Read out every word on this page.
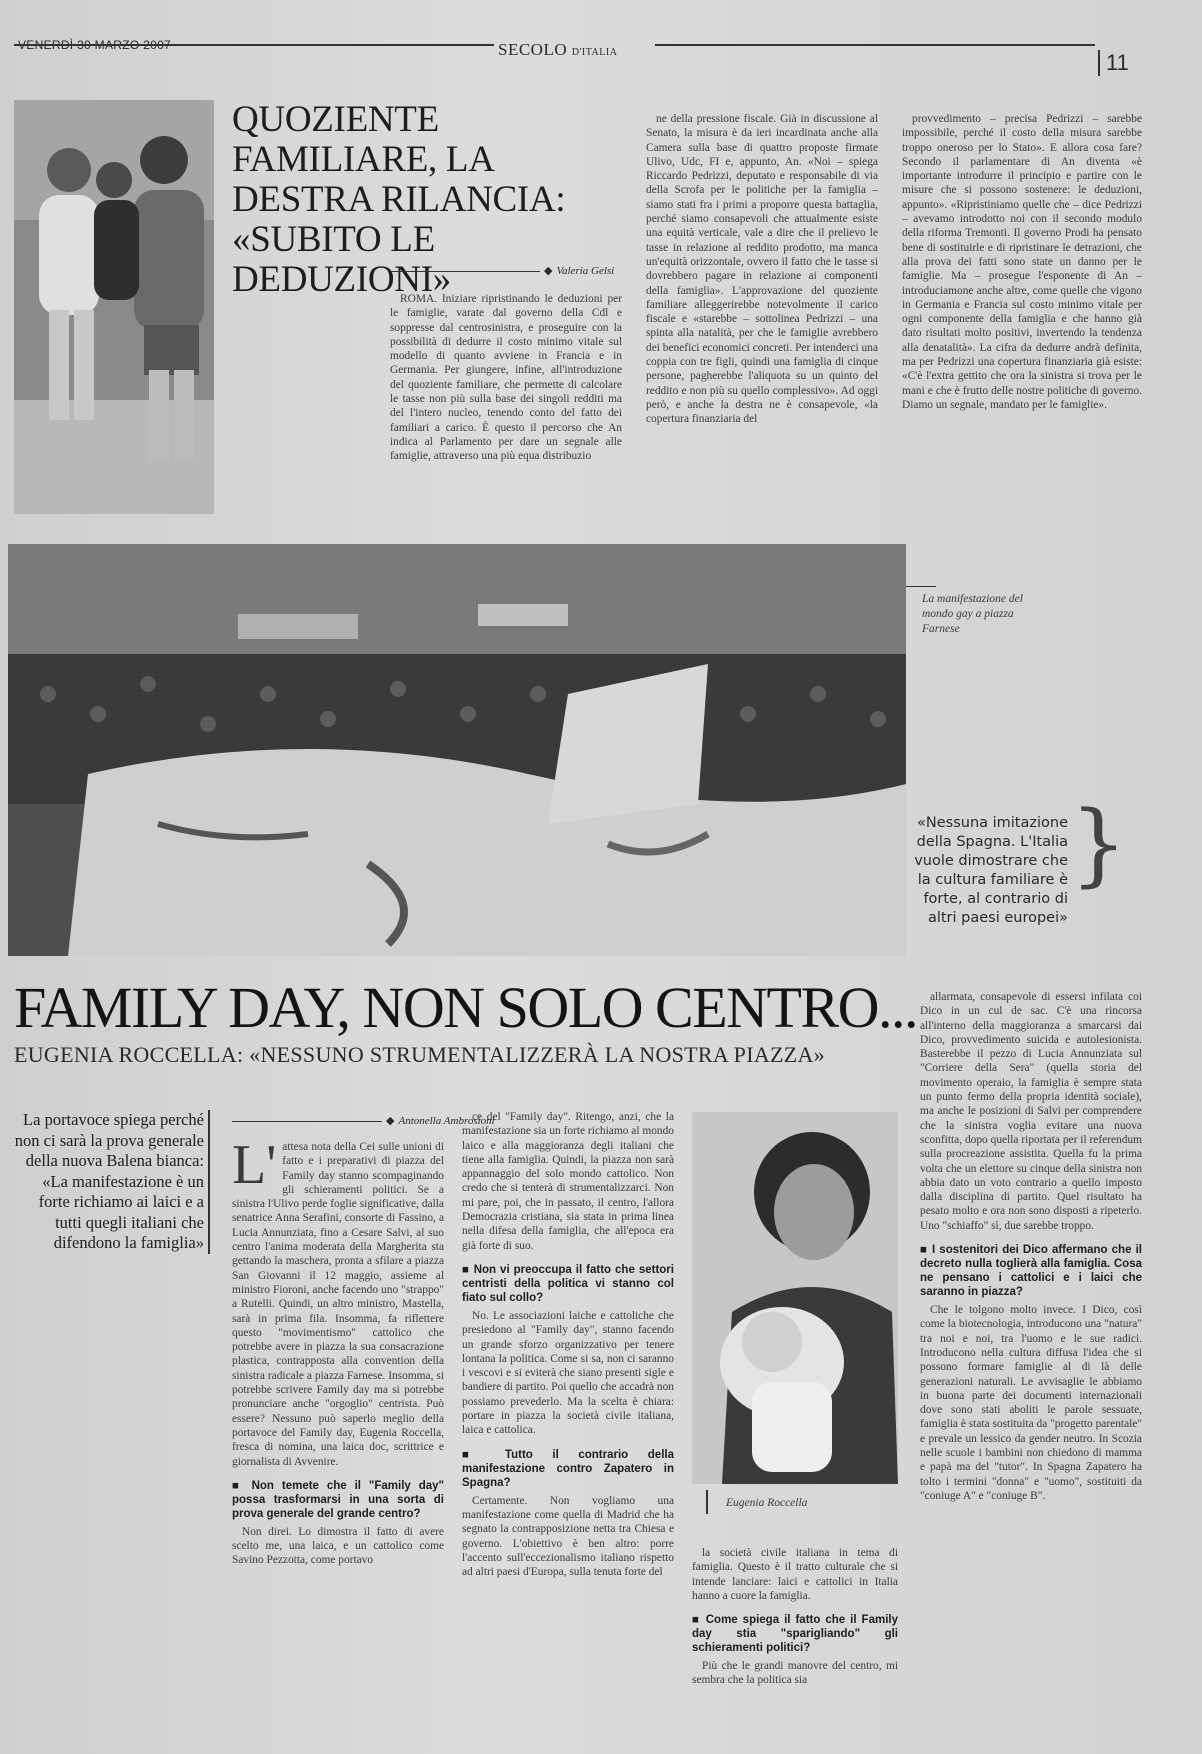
SECOLO D'ITALIA	11
QUOZIENTE FAMILIARE, LA DESTRA RILANCIA: «SUBITO LE DEDUZIONI»	◆ Valeria Gelsi

ROMA. Iniziare ripristinando le deduzioni per le famiglie, varate dal governo della Cdl e soppresse dal centrosinistra, e proseguire con la possibilità di dedurre il costo minimo vitale sul modello di quanto avviene in Francia e in Germania. Per giungere, infine, all'introduzione del quoziente familiare, che permette di calcolare le tasse non più sulla base dei singoli redditi ma del l'intero nucleo, tenendo conto del fatto dei familiari a carico. È questo il percorso che An indica al Parlamento per dare un segnale alle famiglie, attraverso una più equa distribuzio

ne della pressione fiscale. Già in discussione al Senato, la misura è da ieri incardinata anche alla Camera sulla base di quattro proposte firmate Ulivo, Udc, FI e, appunto, An. «Noi – spiega Riccardo Pedrizzi, deputato e responsabile di via della Scrofa per le politiche per la famiglia – siamo stati fra i primi a proporre questa battaglia, perché siamo consapevoli che attualmente esiste una equità verticale, vale a dire che il prelievo le tasse in relazione al reddito prodotto, ma manca un'equità orizzontale, ovvero il fatto che le tasse si dovrebbero pagare in relazione ai componenti della famiglia». L'approvazione del quoziente familiare alleggerirebbe notevolmente il carico fiscale e «starebbe – sottolinea Pedrizzi – una spinta alla natalità, per che le famiglie avrebbero dei benefici economici concreti. Per intenderci una coppia con tre figli, quindi una famiglia di cinque persone, pagherebbe l'aliquota su un quinto del reddito e non più su quello complessivo». Ad oggi però, e anche la destra ne è consapevole, «la copertura finanziaria del

provvedimento – precisa Pedrizzi – sarebbe impossibile, perché il costo della misura sarebbe troppo oneroso per lo Stato». E allora cosa fare? Secondo il parlamentare di An diventa «è importante introdurre il principio e partire con le misure che si possono sostenere: le deduzioni, appunto». «Ripristiniamo quelle che – dice Pedrizzi – avevamo introdotto noi con il secondo modulo della riforma Tremonti. Il governo Prodi ha pensato bene di sostituirle e di ripristinare le detrazioni, che alla prova dei fatti sono state un danno per le famiglie. Ma – prosegue l'esponente di An – introduciamone anche altre, come quelle che vigono in Germania e Francia sul costo minimo vitale per ogni componente della famiglia e che hanno già dato risultati molto positivi, invertendo la tendenza alla denatalità». La cifra da dedurre andrà definita, ma per Pedrizzi una copertura finanziaria già esiste: «C'è l'extra gettito che ora la sinistra si trova per le mani e che è frutto delle nostre politiche di governo. Diamo un segnale, mandato per le famiglie».

La manifestazione del mondo gay a piazza Farnese
«Nessuna imitazione della Spagna. L'Italia vuole dimostrare che la cultura familiare è forte, al contrario di altri paesi europei»
}
FAMILY DAY, NON SOLO CENTRO...
EUGENIA ROCCELLA: «NESSUNO STRUMENTALIZZERÀ LA NOSTRA PIAZZA»
La portavoce spiega perché non ci sarà la prova generale della nuova Balena bianca: «La manifestazione è un forte richiamo ai laici e a tutti quegli italiani che difendono la famiglia»
◆ Antonella Ambrosioni
L' attesa nota della Cei sulle unioni di fatto e i preparativi di piazza del Family day stanno scompaginando gli schieramenti politici. Se a sinistra l'Ulivo perde foglie significative, dalla senatrice Anna Serafini, consorte di Fassino, a Lucia Annunziata, fino a Cesare Salvi, al suo centro l'anima moderata della Margherita sta gettando la maschera, pronta a sfilare a piazza San Giovanni il 12 maggio, assieme al ministro Fioroni, anche facendo uno "strappo" a Rutelli. Quindi, un altro ministro, Mastella, sarà in prima fila. Insomma, fa riflettere questo "movimentismo" cattolico che potrebbe avere in piazza la sua consacrazione plastica, contrapposta alla convention della sinistra radicale a piazza Farnese. Insomma, si potrebbe scrivere Family day ma si potrebbe pronunciare anche "orgoglio" centrista. Può essere? Nessuno può saperlo meglio della portavoce del Family day, Eugenia Roccella, fresca di nomina, una laica doc, scrittrice e giornalista di Avvenire.
■ Non temete che il "Family day" possa trasformarsi in una sorta di prova generale del grande centro?

Non direi. Lo dimostra il fatto di avere scelto me, una laica, e un cattolico come Savino Pezzotta, come portavo

ce del "Family day". Ritengo, anzi, che la manifestazione sia un forte richiamo al mondo laico e alla maggioranza degli italiani che tiene alla famiglia. Quindi, la piazza non sarà appannaggio del solo mondo cattolico. Non credo che si tenterà di strumentalizzarci. Non mi pare, poi, che in passato, il centro, l'allora Democrazia cristiana, sia stata in prima linea nella difesa della famiglia, che all'epoca era già forte di suo.

■ Non vi preoccupa il fatto che settori centristi della politica vi stanno col fiato sul collo?

No. Le associazioni laiche e cattoliche che presiedono al "Family day", stanno facendo un grande sforzo organizzativo per tenere lontana la politica. Come si sa, non ci saranno i vescovi e si eviterà che siano presenti sigle e bandiere di partito. Poi quello che accadrà non possiamo prevederlo. Ma la scelta è chiara: portare in piazza la società civile italiana, laica e cattolica.

■ Tutto il contrario della manifestazione contro Zapatero in Spagna?

Certamente. Non vogliamo una manifestazione come quella di Madrid che ha segnato la contrapposizione netta tra Chiesa e governo. L'obiettivo è ben altro: porre l'accento sull'eccezionalismo italiano rispetto ad altri paesi d'Europa, sulla tenuta forte del

Eugenia Roccella

la società civile italiana in tema di famiglia. Questo è il tratto culturale che si intende lanciare: laici e cattolici in Italia hanno a cuore la famiglia.

■ Come spiega il fatto che il Family day stia "sparigliando" gli schieramenti politici?

Più che le grandi manovre del centro, mi sembra che la politica sia

allarmata, consapevole di essersi infilata coi Dico in un cul de sac. C'è una rincorsa all'interno della maggioranza a smarcarsi dai Dico, provvedimento suicida e autolesionista. Basterebbe il pezzo di Lucia Annunziata sul "Corriere della Sera" (quella storia del movimento operaio, la famiglia è sempre stata un punto fermo della propria identità sociale), ma anche le posizioni di Salvi per comprendere che la sinistra voglia evitare una nuova sconfitta, dopo quella riportata per il referendum sulla procreazione assistita. Quella fu la prima volta che un elettore su cinque della sinistra non abbia dato un voto contrario a quello imposto dalla disciplina di partito. Quel risultato ha pesato molto e ora non sono disposti a ripeterlo. Uno "schiaffo" sì, due sarebbe troppo.

■ I sostenitori dei Dico affermano che il decreto nulla toglierà alla famiglia. Cosa ne pensano i cattolici e i laici che saranno in piazza?

Che le tolgono molto invece. I Dico, così come la biotecnologia, introducono una "natura" tra noi e noi, tra l'uomo e le sue radici. Introducono nella cultura diffusa l'idea che si possono formare famiglie al di là delle generazioni naturali. Le avvisaglie le abbiamo in buona parte dei documenti internazionali dove sono stati aboliti le parole sessuate, famiglia è stata sostituita da "progetto parentale" e prevale un lessico da gender neutro. In Scozia nelle scuole i bambini non chiedono di mamma e papà ma del "tutor". In Spagna Zapatero ha tolto i termini "donna" e "uomo", sostituiti da "coniuge A" e "coniuge B".
